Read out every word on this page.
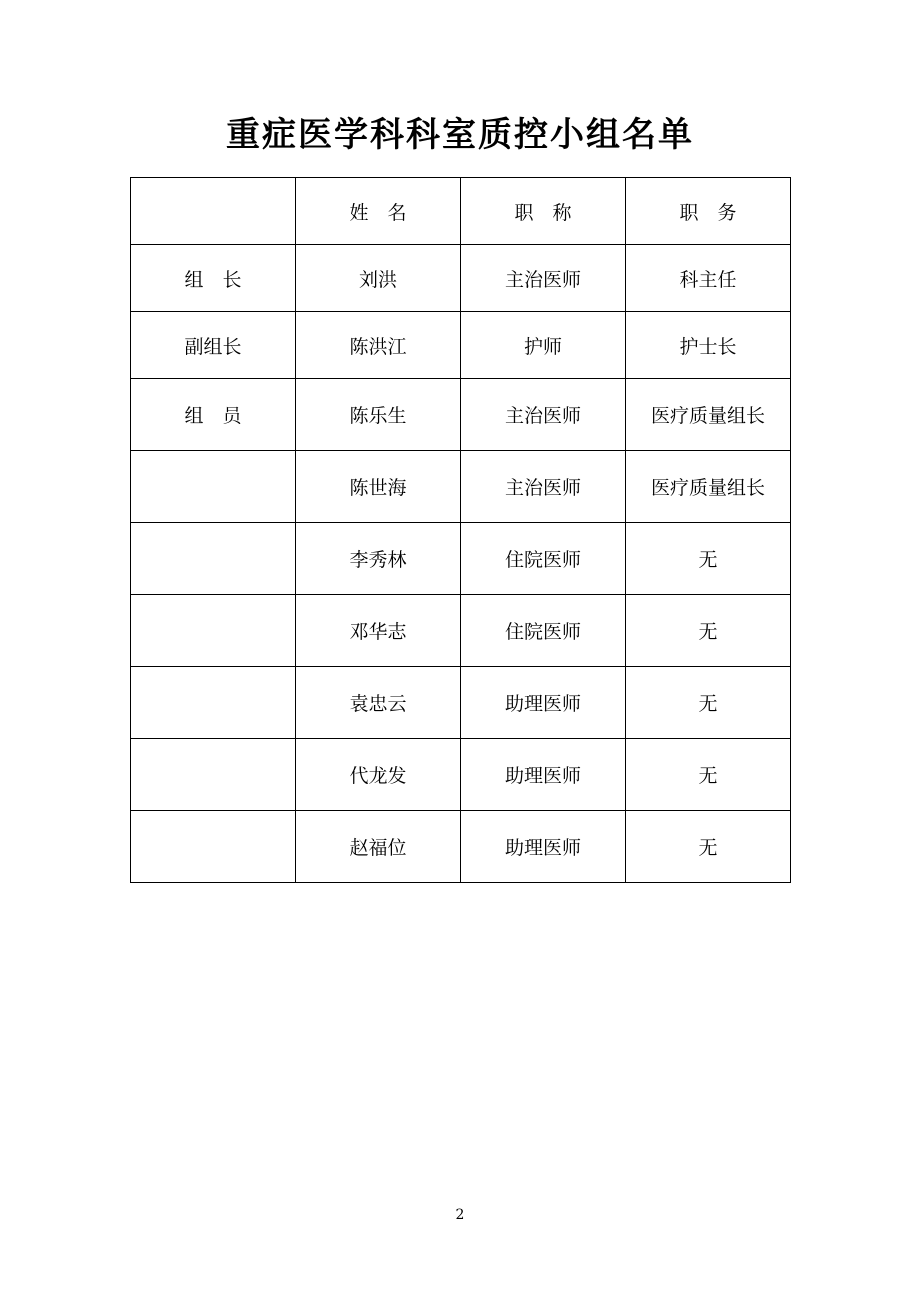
重症医学科科室质控小组名单
	姓　名	职　称	职　务
组　长	刘洪	主治医师	科主任
副组长	陈洪江	护师	护士长
组　员	陈乐生	主治医师	医疗质量组长
	陈世海	主治医师	医疗质量组长
	李秀林	住院医师	无
	邓华志	住院医师	无
	袁忠云	助理医师	无
	代龙发	助理医师	无
	赵福位	助理医师	无
2
